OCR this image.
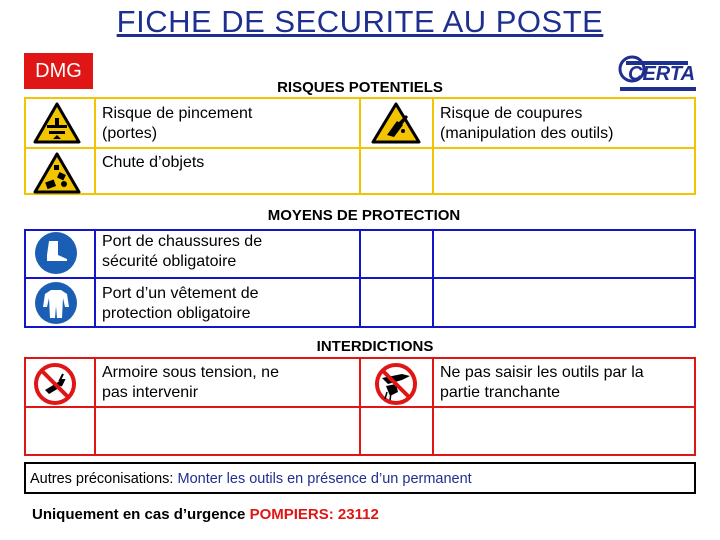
FICHE DE SECURITE AU POSTE
DMG	CERTA
RISQUES POTENTIELS
Risque de pincement
(portes)
Risque de coupures
(manipulation des outils)
Chute d’objets
MOYENS DE PROTECTION
Port de chaussures de
sécurité obligatoire
Port d’un vêtement de
protection obligatoire
INTERDICTIONS
Armoire sous tension, ne
pas intervenir
Ne pas saisir les outils par la
partie tranchante
Autres préconisations: Monter les outils en présence d’un permanent
Uniquement en cas d’urgence POMPIERS: 23112
